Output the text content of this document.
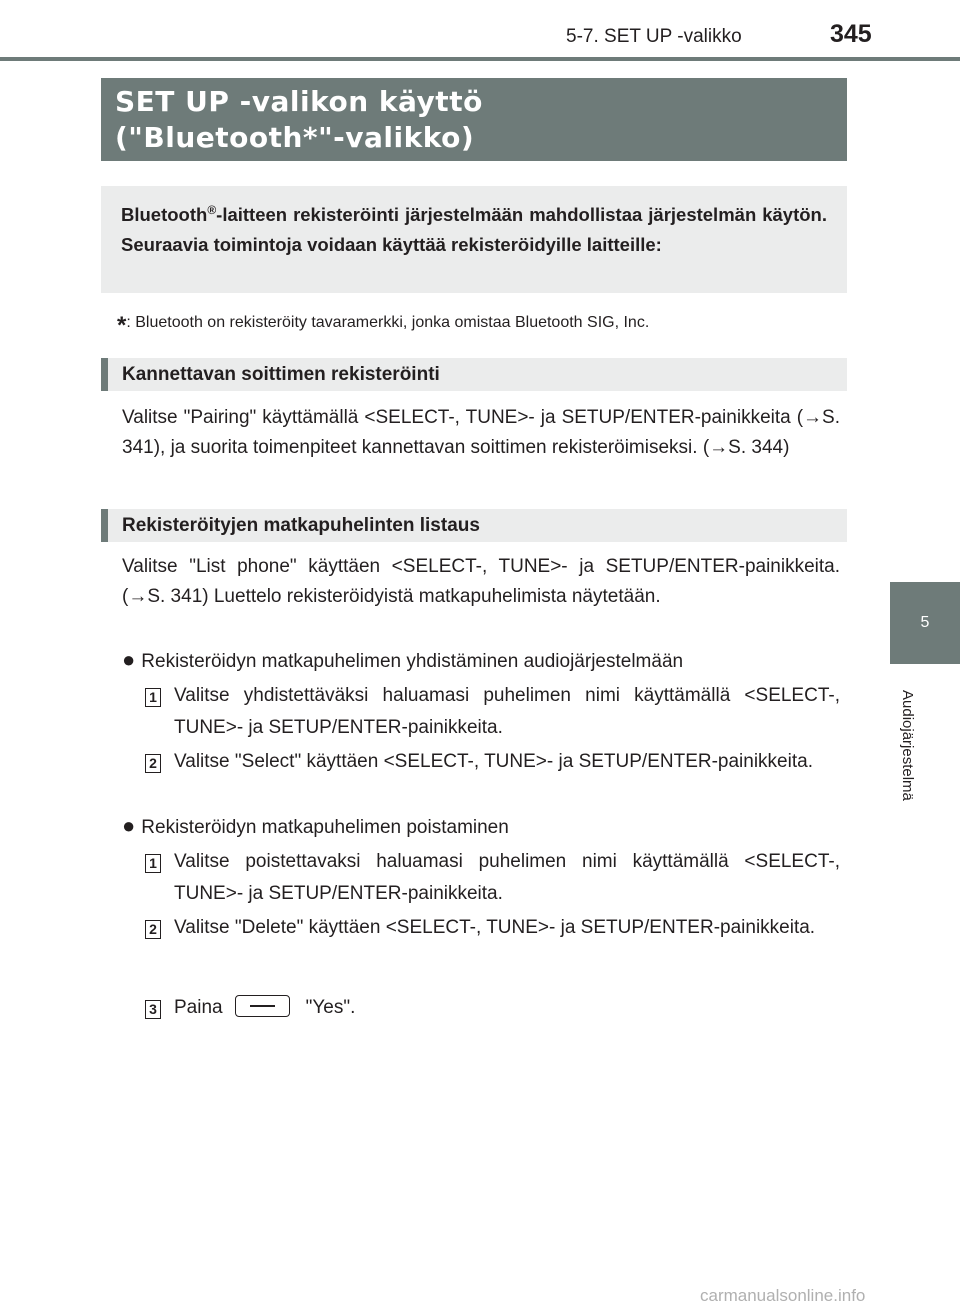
5-7. SET UP -valikko	345
SET UP -valikon käyttö
("Bluetooth*"-valikko)
Bluetooth®-laitteen rekisteröinti järjestelmään mahdollistaa järjestelmän käytön. Seuraavia toimintoja voidaan käyttää rekisteröidyille laitteille:
*: Bluetooth on rekisteröity tavaramerkki, jonka omistaa Bluetooth SIG, Inc.
Kannettavan soittimen rekisteröinti
Valitse "Pairing" käyttämällä <SELECT-, TUNE>- ja SETUP/ENTER-painikkeita (→S. 341), ja suorita toimenpiteet kannettavan soittimen rekisteröimiseksi. (→S. 344)
Rekisteröityjen matkapuhelinten listaus
Valitse "List phone" käyttäen <SELECT-, TUNE>- ja SETUP/ENTER-painikkeita. (→S. 341) Luettelo rekisteröidyistä matkapuhelimista näytetään.
● Rekisteröidyn matkapuhelimen yhdistäminen audiojärjestelmään
1 Valitse yhdistettäväksi haluamasi puhelimen nimi käyttämällä <SELECT-, TUNE>- ja SETUP/ENTER-painikkeita.
2 Valitse "Select" käyttäen <SELECT-, TUNE>- ja SETUP/ENTER-painikkeita.
● Rekisteröidyn matkapuhelimen poistaminen
1 Valitse poistettavaksi haluamasi puhelimen nimi käyttämällä <SELECT-, TUNE>- ja SETUP/ENTER-painikkeita.
2 Valitse "Delete" käyttäen <SELECT-, TUNE>- ja SETUP/ENTER-painikkeita.
3 Paina	"Yes".
5
Audiojärjestelmä
carmanualsonline.info
